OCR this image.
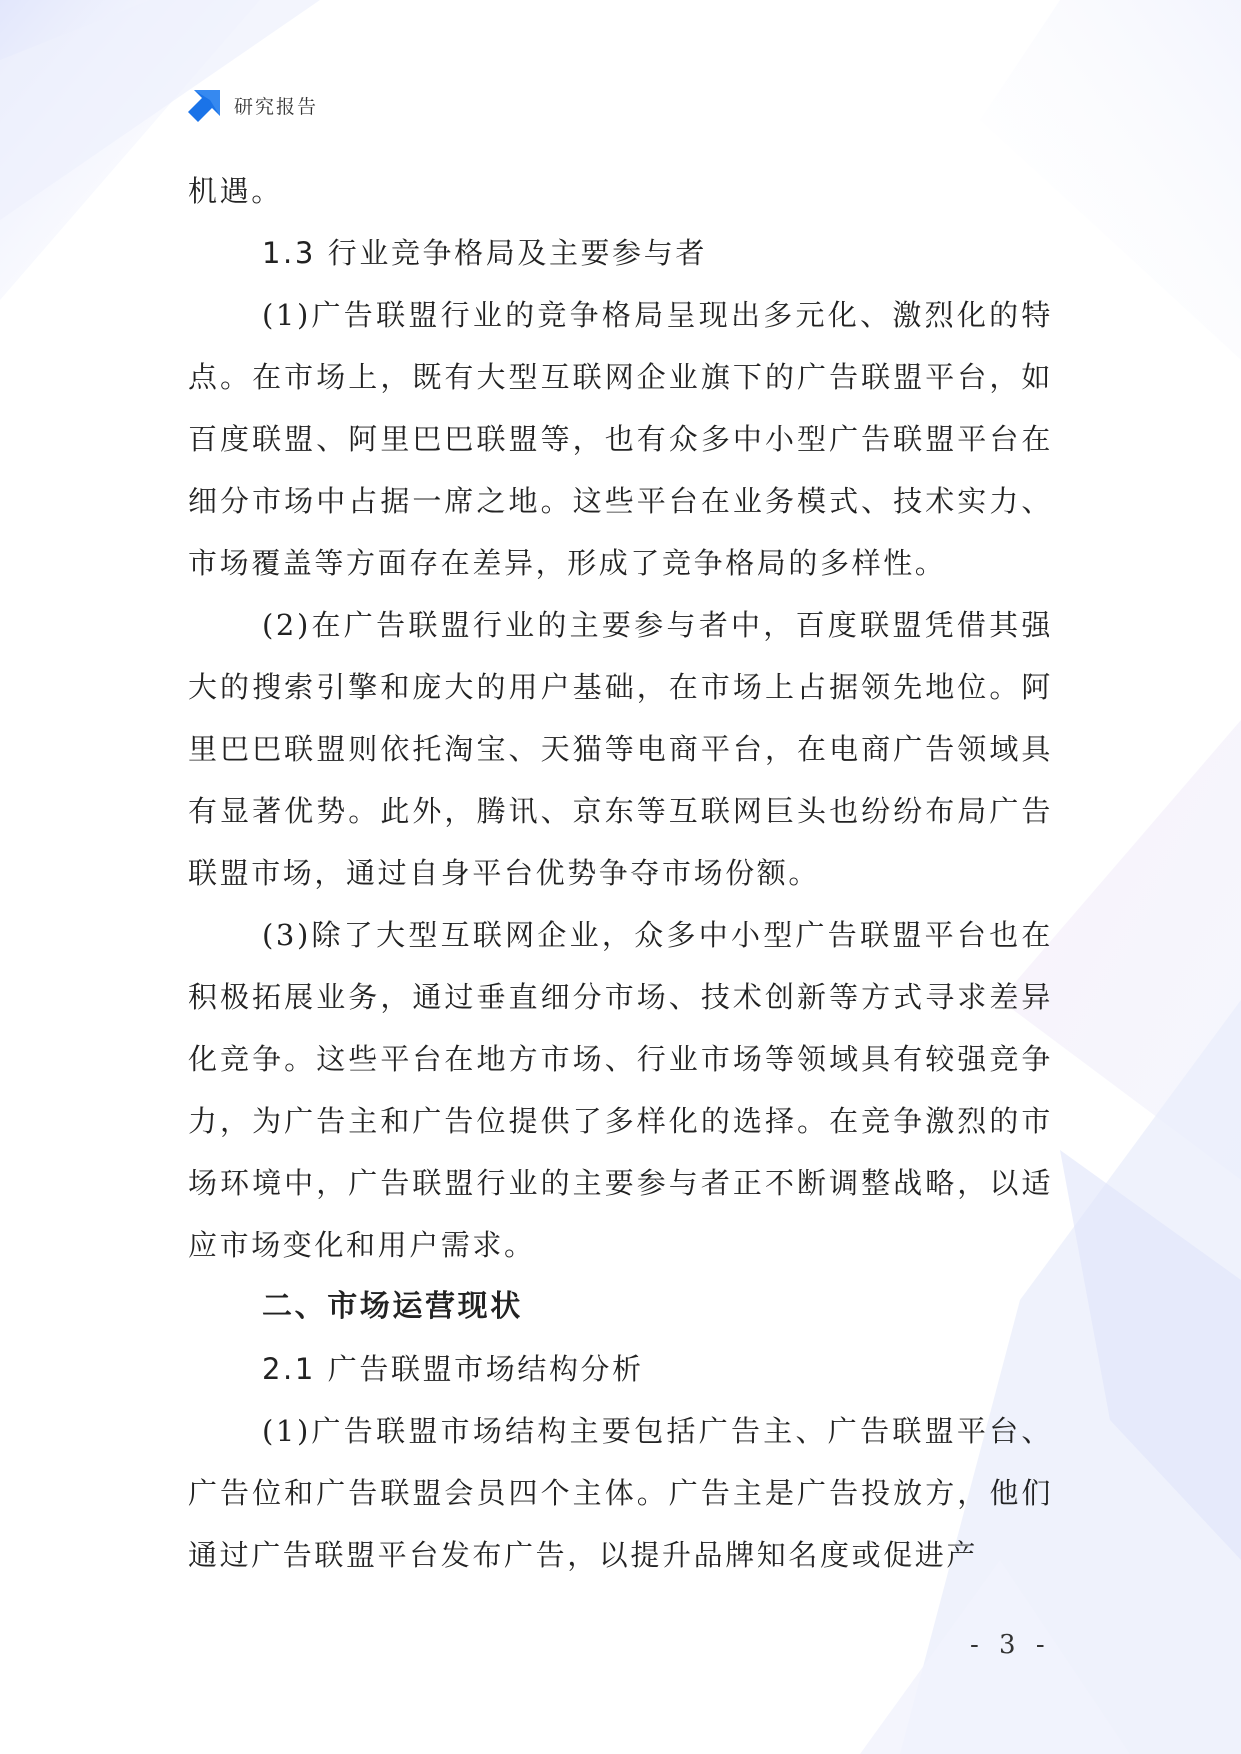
研究报告

机遇。

1.3 行业竞争格局及主要参与者

(1)广告联盟行业的竞争格局呈现出多元化、激烈化的特点。在市场上，既有大型互联网企业旗下的广告联盟平台，如百度联盟、阿里巴巴联盟等，也有众多中小型广告联盟平台在细分市场中占据一席之地。这些平台在业务模式、技术实力、市场覆盖等方面存在差异，形成了竞争格局的多样性。

(2)在广告联盟行业的主要参与者中，百度联盟凭借其强大的搜索引擎和庞大的用户基础，在市场上占据领先地位。阿里巴巴联盟则依托淘宝、天猫等电商平台，在电商广告领域具有显著优势。此外，腾讯、京东等互联网巨头也纷纷布局广告联盟市场，通过自身平台优势争夺市场份额。

(3)除了大型互联网企业，众多中小型广告联盟平台也在积极拓展业务，通过垂直细分市场、技术创新等方式寻求差异化竞争。这些平台在地方市场、行业市场等领域具有较强竞争力，为广告主和广告位提供了多样化的选择。在竞争激烈的市场环境中，广告联盟行业的主要参与者正不断调整战略，以适应市场变化和用户需求。

二、市场运营现状

2.1 广告联盟市场结构分析

(1)广告联盟市场结构主要包括广告主、广告联盟平台、广告位和广告联盟会员四个主体。广告主是广告投放方，他们通过广告联盟平台发布广告，以提升品牌知名度或促进产

- 3 -
